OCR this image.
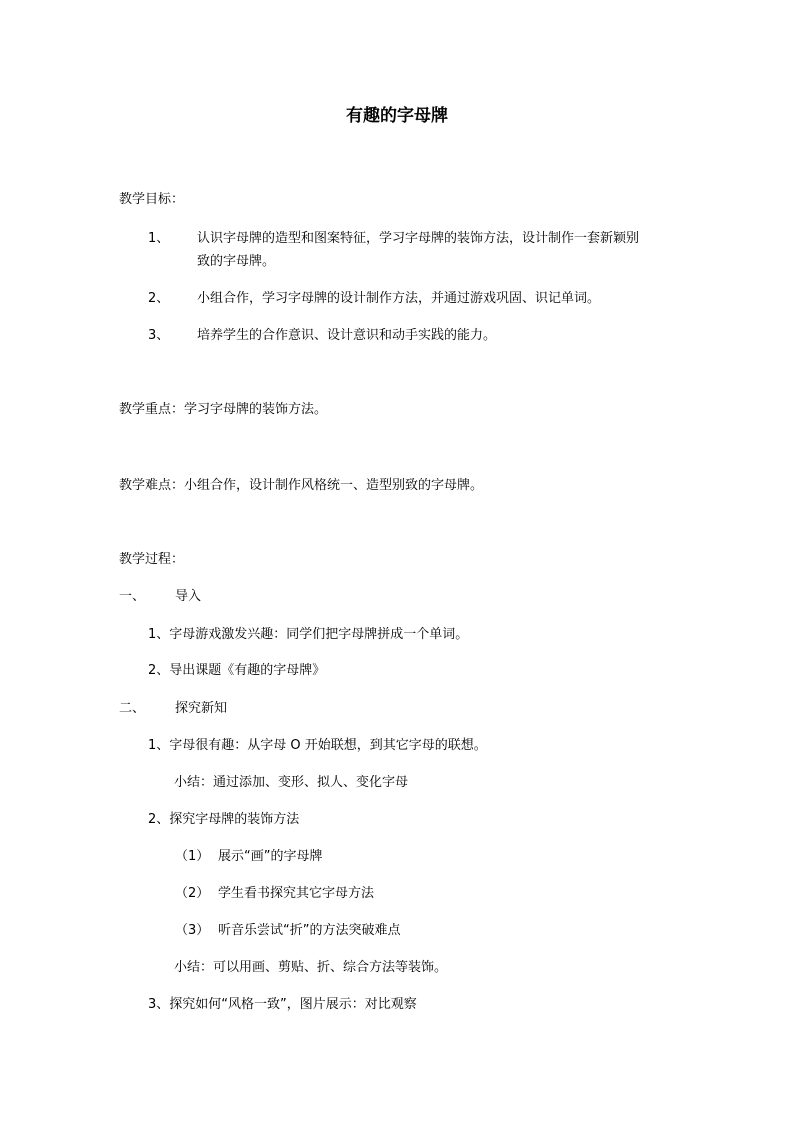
有趣的字母牌
教学目标：
1、 认识字母牌的造型和图案特征，学习字母牌的装饰方法，设计制作一套新颖别
致的字母牌。
2、 小组合作，学习字母牌的设计制作方法，并通过游戏巩固、识记单词。
3、 培养学生的合作意识、设计意识和动手实践的能力。
教学重点：学习字母牌的装饰方法。
教学难点：小组合作，设计制作风格统一、造型别致的字母牌。
教学过程：
一、 导入
1、字母游戏激发兴趣：同学们把字母牌拼成一个单词。
2、导出课题《有趣的字母牌》
二、 探究新知
1、字母很有趣：从字母 O 开始联想，到其它字母的联想。
小结：通过添加、变形、拟人、变化字母
2、探究字母牌的装饰方法
（1） 展示“画”的字母牌
（2） 学生看书探究其它字母方法
（3） 听音乐尝试“折”的方法突破难点
小结：可以用画、剪贴、折、综合方法等装饰。
3、探究如何“风格一致”，图片展示：对比观察
